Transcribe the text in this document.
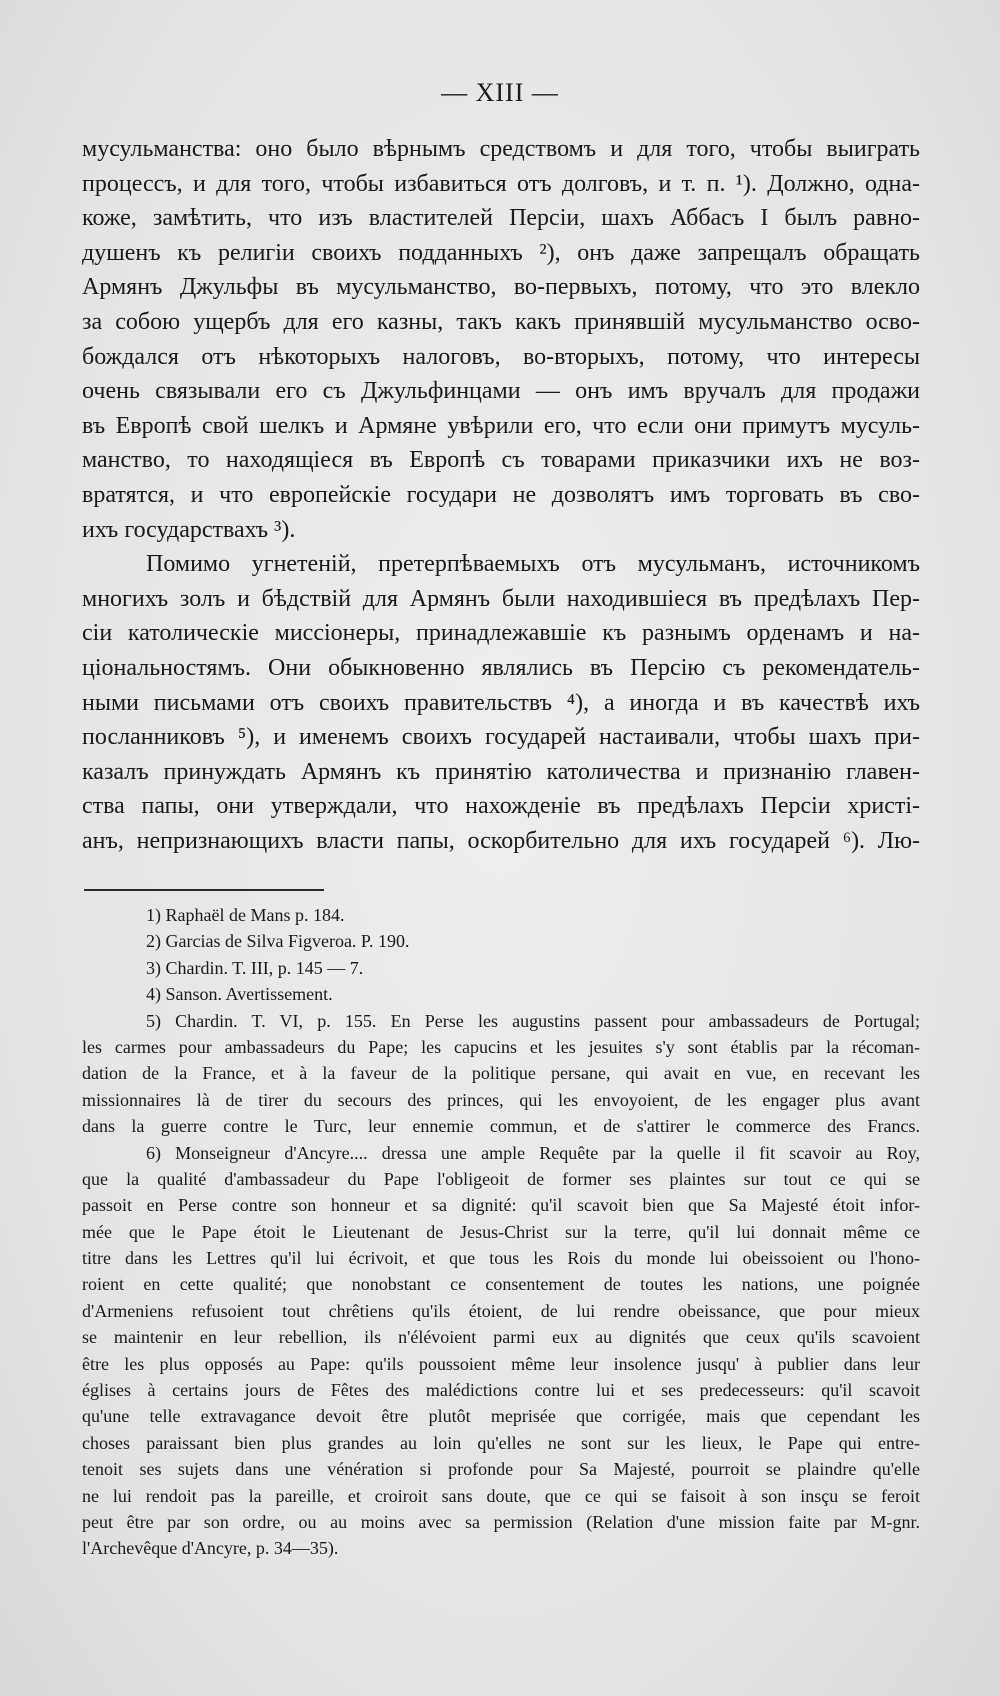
— XIII —
мусульманства: оно было вѣрнымъ средствомъ и для того, чтобы выиграть
процессъ, и для того, чтобы избавиться отъ долговъ, и т. п. ¹). Должно, одна-
коже, замѣтить, что изъ властителей Персіи, шахъ Аббасъ I былъ равно-
душенъ къ религіи своихъ подданныхъ ²), онъ даже запрещалъ обращать
Армянъ Джульфы въ мусульманство, во-первыхъ, потому, что это влекло
за собою ущербъ для его казны, такъ какъ принявшій мусульманство осво-
бождался отъ нѣкоторыхъ налоговъ, во-вторыхъ, потому, что интересы
очень связывали его съ Джульфинцами — онъ имъ вручалъ для продажи
въ Европѣ свой шелкъ и Армяне увѣрили его, что если они примутъ мусуль-
манство, то находящіеся въ Европѣ съ товарами приказчики ихъ не воз-
вратятся, и что европейскіе государи не дозволятъ имъ торговать въ сво-
ихъ государствахъ ³).
Помимо угнетеній, претерпѣваемыхъ отъ мусульманъ, источникомъ
многихъ золъ и бѣдствій для Армянъ были находившіеся въ предѣлахъ Пер-
сіи католическіе миссіонеры, принадлежавшіе къ разнымъ орденамъ и на-
ціональностямъ. Они обыкновенно являлись въ Персію съ рекомендатель-
ными письмами отъ своихъ правительствъ ⁴), а иногда и въ качествѣ ихъ
посланниковъ ⁵), и именемъ своихъ государей настаивали, чтобы шахъ при-
казалъ принуждать Армянъ къ принятію католичества и признанію главен-
ства папы, они утверждали, что нахожденіе въ предѣлахъ Персіи христі-
анъ, непризнающихъ власти папы, оскорбительно для ихъ государей ⁶). Лю-
1) Raphaël de Mans p. 184.
2) Garcias de Silva Figveroa. P. 190.
3) Chardin. T. III, p. 145 — 7.
4) Sanson. Avertissement.
5) Chardin. T. VI, p. 155. En Perse les augustins passent pour ambassadeurs de Portugal;
les carmes pour ambassadeurs du Pape; les capucins et les jesuites s'y sont établis par la récoman-
dation de la France, et à la faveur de la politique persane, qui avait en vue, en recevant les
missionnaires là de tirer du secours des princes, qui les envoyoient, de les engager plus avant
dans la guerre contre le Turc, leur ennemie commun, et de s'attirer le commerce des Francs.
6) Monseigneur d'Ancyre.... dressa une ample Requête par la quelle il fit scavoir au Roy,
que la qualité d'ambassadeur du Pape l'obligeoit de former ses plaintes sur tout ce qui se
passoit en Perse contre son honneur et sa dignité: qu'il scavoit bien que Sa Majesté étoit infor-
mée que le Pape étoit le Lieutenant de Jesus-Christ sur la terre, qu'il lui donnait même ce
titre dans les Lettres qu'il lui écrivoit, et que tous les Rois du monde lui obeissoient ou l'hono-
roient en cette qualité; que nonobstant ce consentement de toutes les nations, une poignée
d'Armeniens refusoient tout chrêtiens qu'ils étoient, de lui rendre obeissance, que pour mieux
se maintenir en leur rebellion, ils n'élévoient parmi eux au dignités que ceux qu'ils scavoient
être les plus opposés au Pape: qu'ils poussoient même leur insolence jusqu' à publier dans leur
églises à certains jours de Fêtes des malédictions contre lui et ses predecesseurs: qu'il scavoit
qu'une telle extravagance devoit être plutôt meprisée que corrigée, mais que cependant les
choses paraissant bien plus grandes au loin qu'elles ne sont sur les lieux, le Pape qui entre-
tenoit ses sujets dans une vénération si profonde pour Sa Majesté, pourroit se plaindre qu'elle
ne lui rendoit pas la pareille, et croiroit sans doute, que ce qui se faisoit à son insçu se feroit
peut être par son ordre, ou au moins avec sa permission (Relation d'une mission faite par M-gnr.
l'Archevêque d'Ancyre, p. 34—35).
